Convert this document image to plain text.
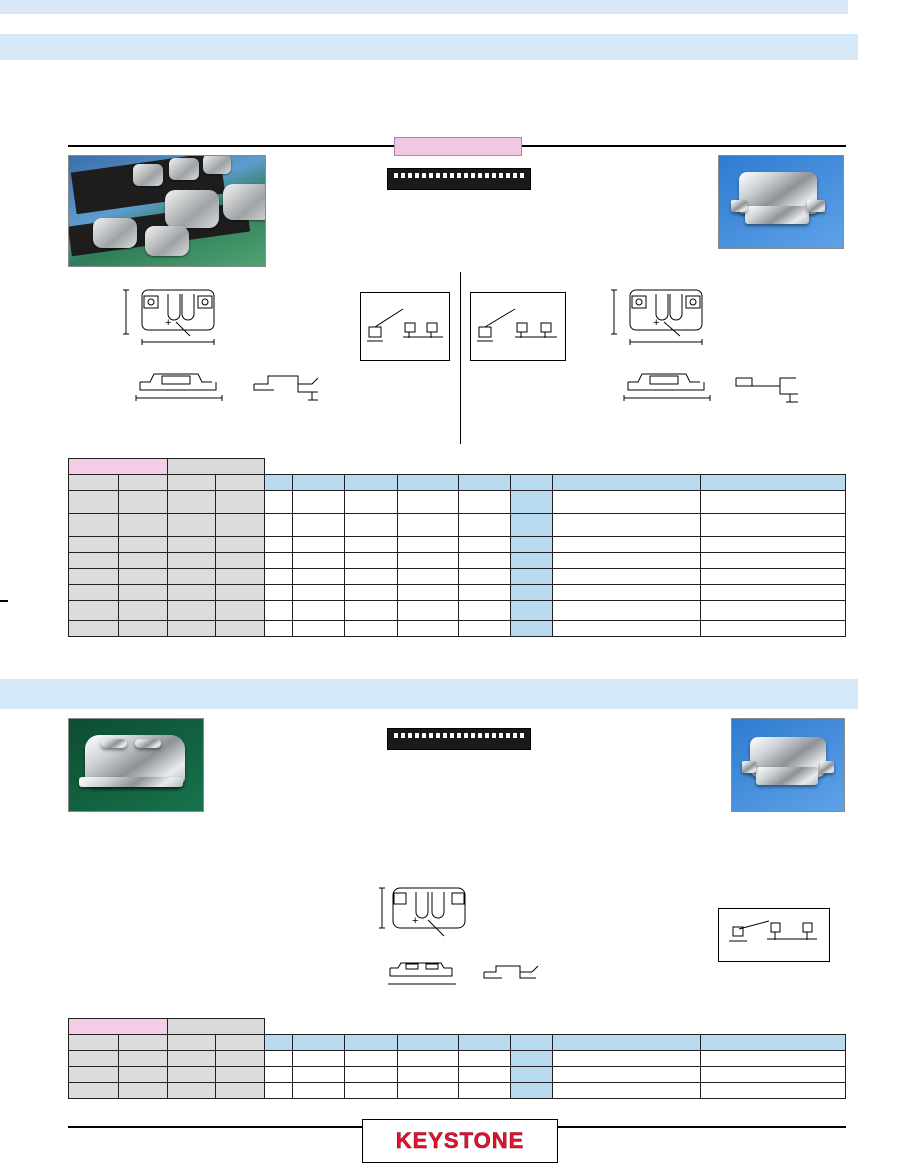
+	+

+

KEYSTONE
